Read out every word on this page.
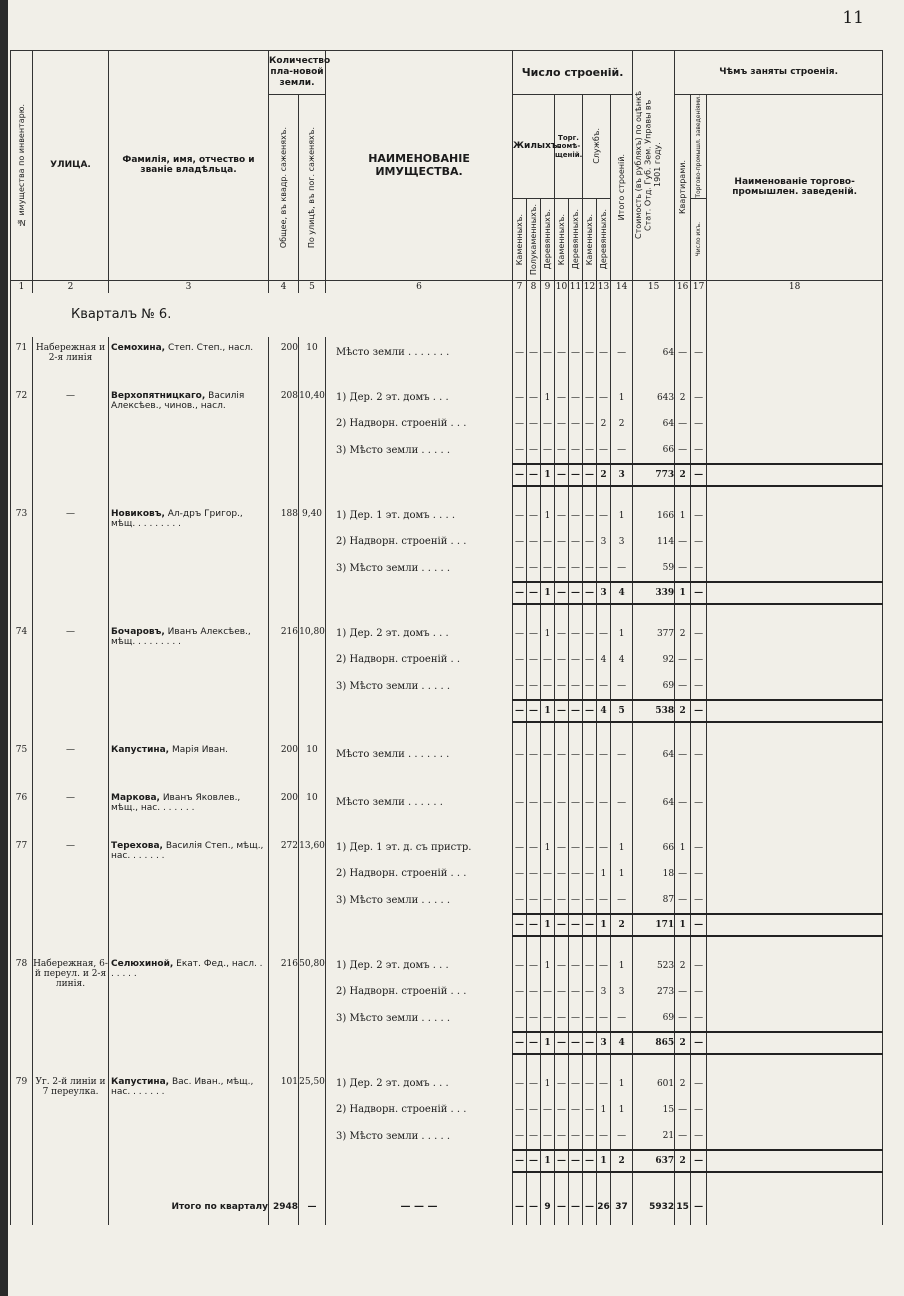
11
№ имущества по инвентарю.	УЛИЦА.	Фамилія, имя, отчество и званіе владѣльца.	Количество пла-новой земли.		НАИМЕНОВАНІЕ ИМУЩЕСТВА.	Число строеній.								Стоимость (въ рубляхъ) по оцѣнкѣ Стат. Отд. Губ. Зем. Управы въ 1901 году.	Чѣмъ заняты строенія.		

			Общее, въ квадр. саженяхъ.	По улицѣ, въ пог. саженяхъ.		Жилыхъ.			Торг. помѣ-щеній.		Службъ.		Итого строеній.		Квартирами.	Торгово-промышл. заведеніями.	Наименованіе торгово-промышлен. заведеній.

						Каменныхъ.	Полукаменныхъ.	Деревянныхъ.	Каменныхъ.	Деревянныхъ.	Каменныхъ.	Деревянныхъ.				Число ихъ.	

1	2	3	4	5	6	7	8	9	10	11	12	13	14	15	16	17	18
Кварталъ № 6.																	
71	Набережная и 2-я линія	Семохина, Степ. Степ., насл.	200	10	Мѣсто земли . . . . . . .	—	—	—	—	—	—	—	—	64	—	—	

72	—	Верхопятницкаго, Василія Алексѣев., чинов., насл.	208	10,40	1) Дер. 2 эт. домъ . . .	—	—	1	—	—	—	—	1	643	2	—	
					2) Надворн. строеній . . .	—	—	—	—	—	—	2	2	64	—	—	
					3) Мѣсто земли . . . . .	—	—	—	—	—	—	—	—	66	—	—	
						—	—	1	—	—	—	2	3	773	2	—	

73	—	Новиковъ, Ал-дръ Григор., мѣщ. . . . . . . . .	188	9,40	1) Дер. 1 эт. домъ . . . .	—	—	1	—	—	—	—	1	166	1	—	
					2) Надворн. строеній . . .	—	—	—	—	—	—	3	3	114	—	—	
					3) Мѣсто земли . . . . .	—	—	—	—	—	—	—	—	59	—	—	
						—	—	1	—	—	—	3	4	339	1	—	

74	—	Бочаровъ, Иванъ Алексѣев., мѣщ. . . . . . . . .	216	10,80	1) Дер. 2 эт. домъ . . .	—	—	1	—	—	—	—	1	377	2	—	
					2) Надворн. строеній . .	—	—	—	—	—	—	4	4	92	—	—	
					3) Мѣсто земли . . . . .	—	—	—	—	—	—	—	—	69	—	—	
						—	—	1	—	—	—	4	5	538	2	—	

75	—	Капустина, Марія Иван.	200	10	Мѣсто земли . . . . . . .	—	—	—	—	—	—	—	—	64	—	—	

76	—	Маркова, Иванъ Яковлев., мѣщ., нас. . . . . . .	200	10	Мѣсто земли . . . . . .	—	—	—	—	—	—	—	—	64	—	—	

77	—	Терехова, Василія Степ., мѣщ., нас. . . . . . .	272	13,60	1) Дер. 1 эт. д. съ пристр.	—	—	1	—	—	—	—	1	66	1	—	
					2) Надворн. строеній . . .	—	—	—	—	—	—	1	1	18	—	—	
					3) Мѣсто земли . . . . .	—	—	—	—	—	—	—	—	87	—	—	
						—	—	1	—	—	—	1	2	171	1	—	

78	Набережная, 6-й переул. и 2-я линія.	Селюхиной, Екат. Фед., насл. . . . . . .	216	50,80	1) Дер. 2 эт. домъ . . .	—	—	1	—	—	—	—	1	523	2	—	
					2) Надворн. строеній . . .	—	—	—	—	—	—	3	3	273	—	—	
					3) Мѣсто земли . . . . .	—	—	—	—	—	—	—	—	69	—	—	
						—	—	1	—	—	—	3	4	865	2	—	

79	Уг. 2-й линіи и 7 переулка.	Капустина, Вас. Иван., мѣщ., нас. . . . . . .	101	25,50	1) Дер. 2 эт. домъ . . .	—	—	1	—	—	—	—	1	601	2	—	
					2) Надворн. строеній . . .	—	—	—	—	—	—	1	1	15	—	—	
					3) Мѣсто земли . . . . .	—	—	—	—	—	—	—	—	21	—	—	
						—	—	1	—	—	—	1	2	637	2	—	

		Итого по кварталу	2948	—	— — —	—	—	9	—	—	—	26	37	5932	15	—	
